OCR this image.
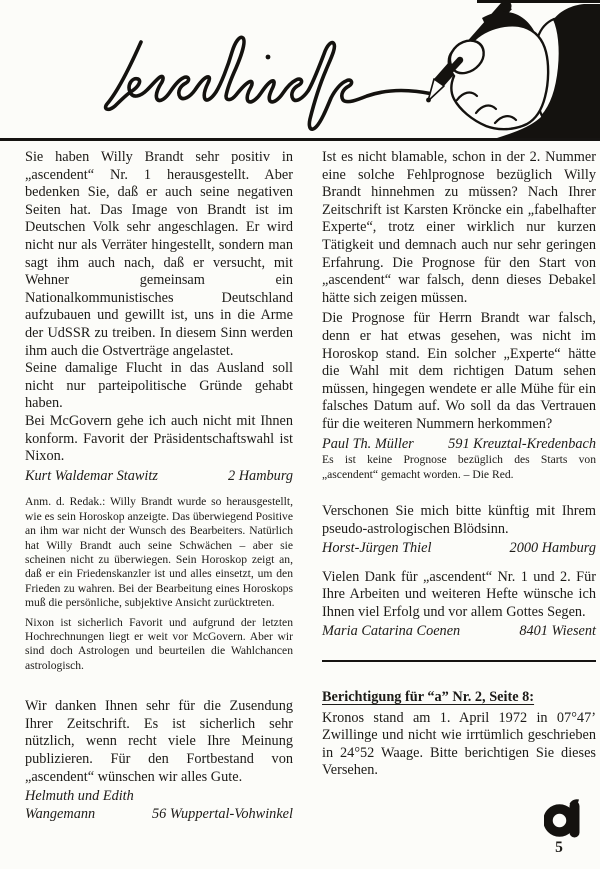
Sie haben Willy Brandt sehr positiv in „ascendent“ Nr. 1 herausgestellt. Aber bedenken Sie, daß er auch seine negativen Seiten hat. Das Image von Brandt ist im Deutschen Volk sehr angeschlagen. Er wird nicht nur als Verräter hingestellt, sondern man sagt ihm auch nach, daß er versucht, mit Wehner gemeinsam ein Nationalkommunistisches Deutschland aufzubauen und gewillt ist, uns in die Arme der UdSSR zu treiben. In diesem Sinn werden ihm auch die Ostverträge angelastet.

Seine damalige Flucht in das Ausland soll nicht nur parteipolitische Gründe gehabt haben.

Bei McGovern gehe ich auch nicht mit Ihnen konform. Favorit der Präsidentschaftswahl ist Nixon.

Kurt Waldemar Stawitz	2 Hamburg

Anm. d. Redak.: Willy Brandt wurde so herausgestellt, wie es sein Horoskop anzeigte. Das überwiegend Positive an ihm war nicht der Wunsch des Bearbeiters. Natürlich hat Willy Brandt auch seine Schwächen – aber sie scheinen nicht zu überwiegen. Sein Horoskop zeigt an, daß er ein Friedenskanzler ist und alles einsetzt, um den Frieden zu wahren. Bei der Bearbeitung eines Horoskops muß die persönliche, subjektive Ansicht zurücktreten.

Nixon ist sicherlich Favorit und aufgrund der letzten Hochrechnungen liegt er weit vor McGovern. Aber wir sind doch Astrologen und beurteilen die Wahlchancen astrologisch.

Wir danken Ihnen sehr für die Zusendung Ihrer Zeitschrift. Es ist sicherlich sehr nützlich, wenn recht viele Ihre Meinung publizieren. Für den Fortbestand von „ascendent“ wünschen wir alles Gute.

Helmuth und Edith
Wangemann	56 Wuppertal-Vohwinkel

Ist es nicht blamable, schon in der 2. Nummer eine solche Fehlprognose bezüglich Willy Brandt hinnehmen zu müssen? Nach Ihrer Zeitschrift ist Karsten Kröncke ein „fabelhafter Experte“, trotz einer wirklich nur kurzen Tätigkeit und demnach auch nur sehr geringen Erfahrung. Die Prognose für den Start von „ascendent“ war falsch, denn dieses Debakel hätte sich zeigen müssen.

Die Prognose für Herrn Brandt war falsch, denn er hat etwas gesehen, was nicht im Horoskop stand. Ein solcher „Experte“ hätte die Wahl mit dem richtigen Datum sehen müssen, hingegen wendete er alle Mühe für ein falsches Datum auf. Wo soll da das Vertrauen für die weiteren Nummern herkommen?

Paul Th. Müller 591 Kreuztal-Kredenbach

Es ist keine Prognose bezüglich des Starts von „ascendent“ gemacht worden. – Die Red.

Verschonen Sie mich bitte künftig mit Ihrem pseudo-astrologischen Blödsinn.

Horst-Jürgen Thiel	2000 Hamburg

Vielen Dank für „ascendent“ Nr. 1 und 2. Für Ihre Arbeiten und weiteren Hefte wünsche ich Ihnen viel Erfolg und vor allem Gottes Segen.

Maria Catarina Coenen	8401 Wiesent

Berichtigung für “a” Nr. 2, Seite 8:

Kronos stand am 1. April 1972 in 07°47’ Zwillinge und nicht wie irrtümlich geschrieben in 24°52 Waage. Bitte berichtigen Sie dieses Versehen.

5
